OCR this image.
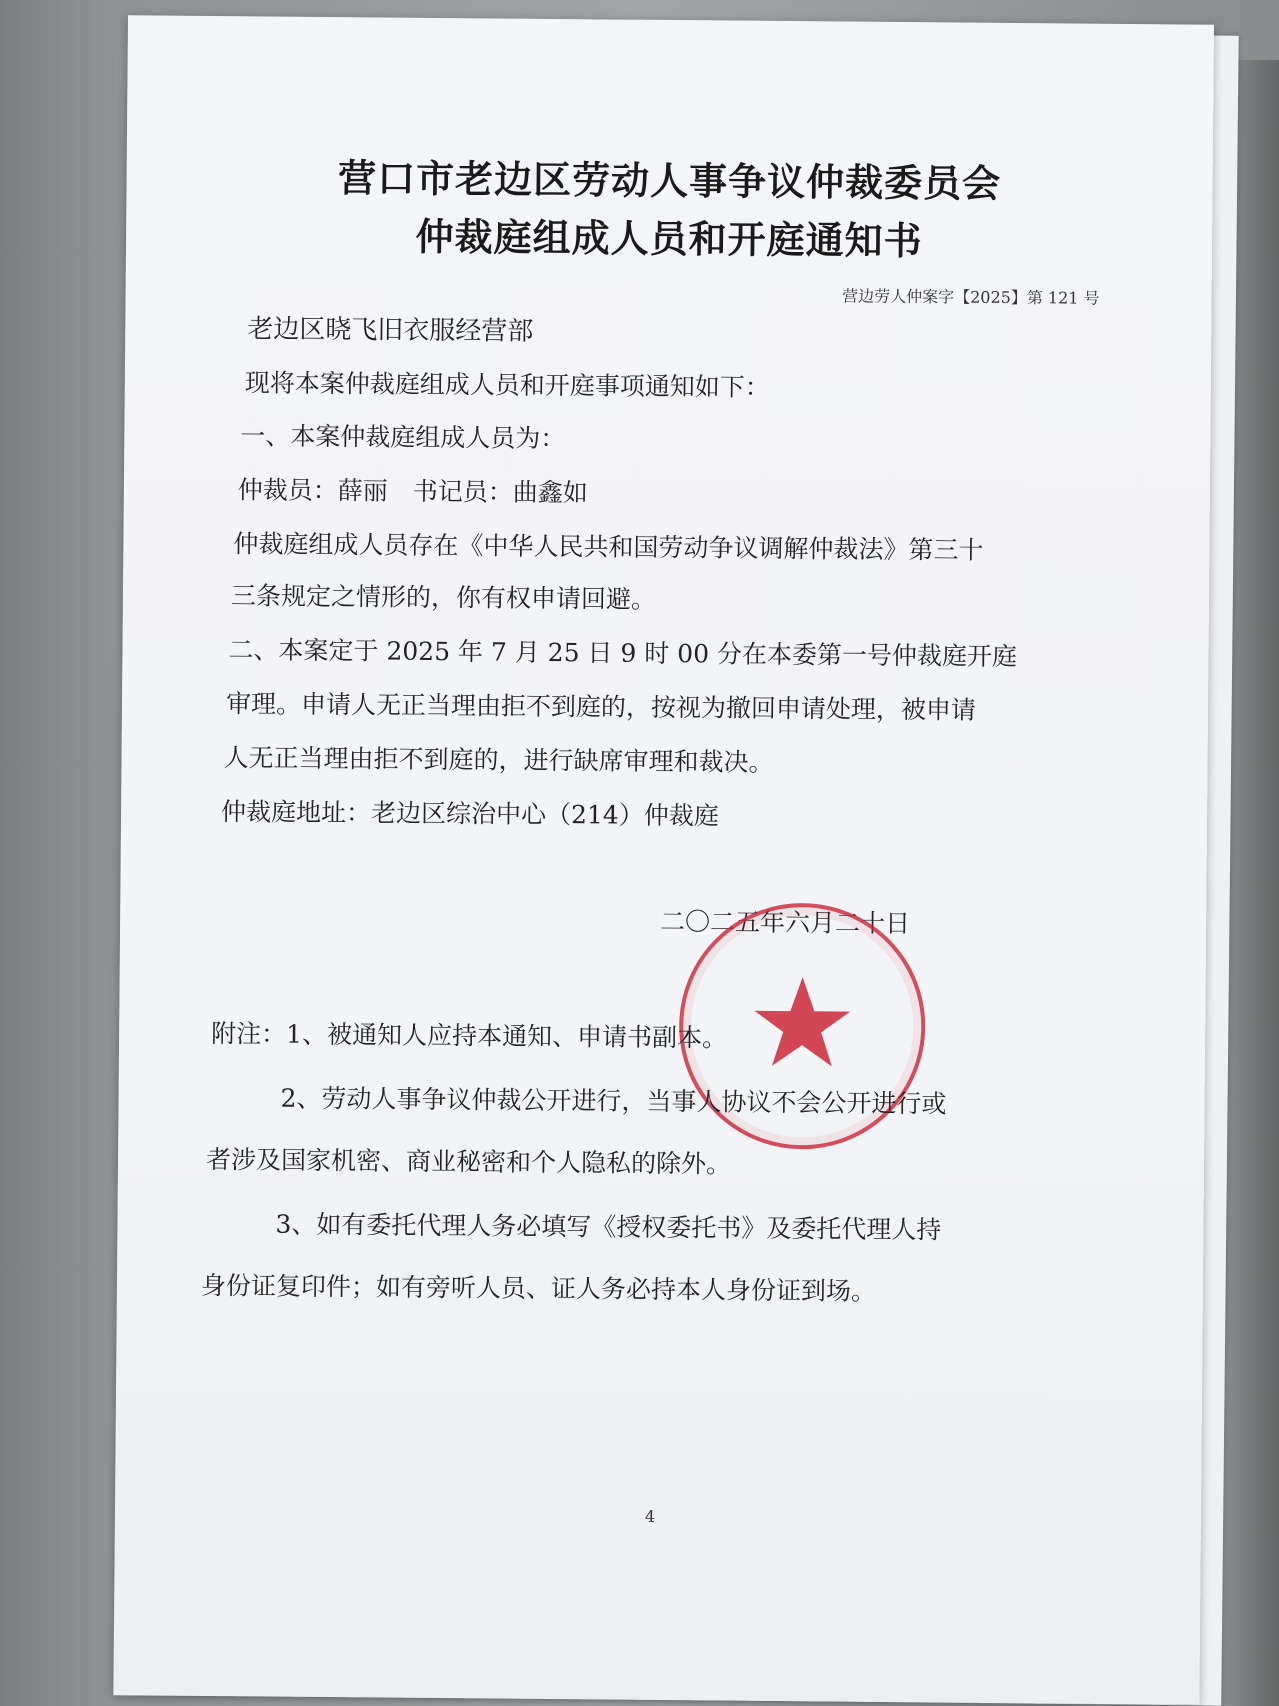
营口市老边区劳动人事争议仲裁委员会
仲裁庭组成人员和开庭通知书
营边劳人仲案字【2025】第 121 号
老边区晓飞旧衣服经营部
现将本案仲裁庭组成人员和开庭事项通知如下：
一、本案仲裁庭组成人员为：
仲裁员：薛丽　书记员：曲鑫如
仲裁庭组成人员存在《中华人民共和国劳动争议调解仲裁法》第三十
三条规定之情形的，你有权申请回避。
二、本案定于 2025 年 7 月 25 日 9 时 00 分在本委第一号仲裁庭开庭
审理。申请人无正当理由拒不到庭的，按视为撤回申请处理，被申请
人无正当理由拒不到庭的，进行缺席审理和裁决。
仲裁庭地址：老边区综治中心（214）仲裁庭
二〇二五年六月二十日
附注：1、被通知人应持本通知、申请书副本。
2、劳动人事争议仲裁公开进行，当事人协议不会公开进行或
者涉及国家机密、商业秘密和个人隐私的除外。
3、如有委托代理人务必填写《授权委托书》及委托代理人持
身份证复印件；如有旁听人员、证人务必持本人身份证到场。
4
